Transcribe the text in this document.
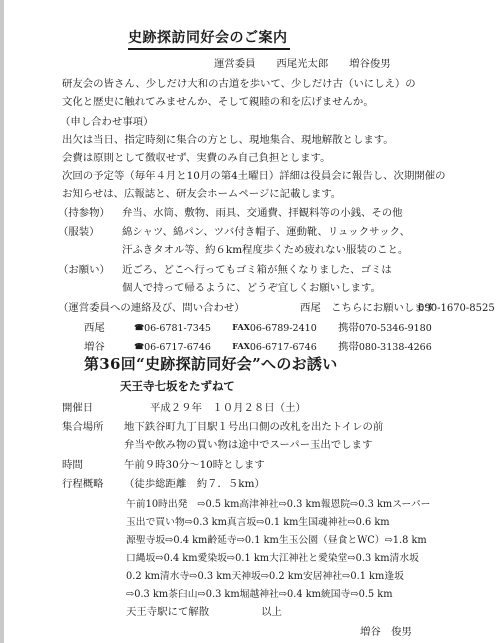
史跡探訪同好会のご案内
運営委員　　西尾光太郎　　増谷俊男
研友会の皆さん、少しだけ大和の古道を歩いて、少しだけ古（いにしえ）の
文化と歴史に触れてみませんか、そして親睦の和を広げませんか。
（申し合わせ事項）
出欠は当日、指定時刻に集合の方とし、現地集合、現地解散とします。
会費は原則として徴収せず、実費のみ自己負担とします。
次回の予定等（毎年４月と10月の第4土曜日）詳細は役員会に報告し、次期開催の
お知らせは、広報誌と、研友会ホームページに記載します。
（持参物） 弁当、水筒、敷物、雨具、交通費、拝観料等の小銭、その他
（服装） 綿シャツ、綿パン、ツバ付き帽子、運動靴、リュックサック、
汗ふきタオル等、約６km程度歩くため疲れない服装のこと。
（お願い） 近ごろ、どこへ行ってもゴミ箱が無くなりました、ゴミは
個人で持って帰るように、どうぞ宜しくお願いします。
（運営委員への連絡及び、問い合わせ）	西尾　こちらにお願いします
090-1670-8525
西尾	☎06-6781-7345	FAX06-6789-2410 携帯070-5346-9180
増谷	☎06-6717-6746	FAX06-6717-6746 携帯080-3138-4266
第36回“史跡探訪同好会”へのお誘い
天王寺七坂をたずねて
開催日	平成２９年　１０月２８日（土）
集合場所 地下鉄谷町九丁目駅１号出口側の改札を出たトイレの前
弁当や飲み物の買い物は途中でスーパー玉出でします
時間	午前９時30分～10時とします
行程概略 （徒歩総距離　約７．５km）
午前10時出発　⇨0.5 km高津神社⇨0.3 km報恩院⇨0.3 kmスーパー
玉出で買い物⇨0.3 km真言坂⇨0.1 km生国魂神社⇨0.6 km
源聖寺坂⇨0.4 km齢延寺⇨0.1 km生玉公園（昼食とWC）⇨1.8 km
口縄坂⇨0.4 km愛染坂⇨0.1 km大江神社と愛染堂⇨0.3 km清水坂
0.2 km清水寺⇨0.3 km天神坂⇨0.2 km安居神社⇨0.1 km逢坂
⇨0.3 km茶臼山⇨0.3 km堀越神社⇨0.4 km統国寺⇨0.5 km
天王寺駅にて解散　　　　　以上
増谷　俊男
